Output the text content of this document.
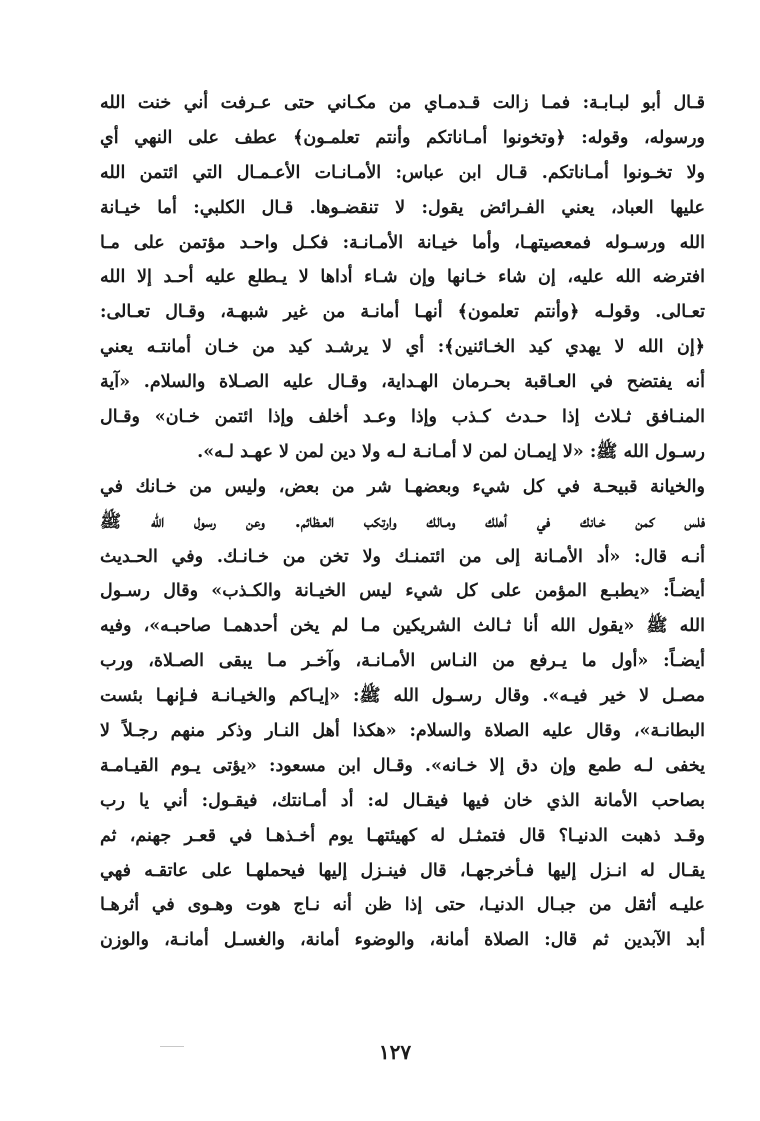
قـال أبو لبـابـة: فمـا زالت قـدمـاي من مكـاني حتى عـرفت أني خنت الله
ورسوله، وقوله: ﴿وتخونوا أمـاناتكم وأنتم تعلمـون﴾ عطف على النهي أي
ولا تخـونوا أمـاناتكم. قـال ابن عباس: الأمـانـات الأعـمـال التي ائتمن الله
عليها العباد، يعني الفـرائض يقول: لا تنقضـوها. قـال الكلبي: أما خيـانة
الله ورسـوله فمعصيتهـا، وأما خيـانة الأمـانـة: فكـل واحـد مؤتمن على مـا
افترضه الله عليه، إن شاء خـانها وإن شـاء أداها لا يـطلع عليه أحـد إلا الله
تعـالى. وقولـه ﴿وأنتم تعلمون﴾ أنهـا أمانـة من غير شبهـة، وقـال تعـالى:
﴿إن الله لا يهدي كيد الخـائنين﴾: أي لا يرشـد كيد من خـان أمانتـه يعني
أنه يفتضح في العـاقبة بحـرمان الهـداية، وقـال عليه الصـلاة والسلام. «آية
المنـافق ثـلاث إذا حـدث كـذب وإذا وعـد أخلف وإذا ائتمن خـان» وقـال
رسـول الله ﷺ: «لا إيمـان لمن لا أمـانـة لـه ولا دين لمن لا عهـد لـه».
والخيانة قبيحـة في كل شيء وبعضهـا شر من بعض، وليس من خـانك في
فلس كمن خـانك في أهلك ومـالك وارتكب العـظائم. وعن رسول الله ﷺ
أنـه قال: «أد الأمـانة إلى من ائتمنـك ولا تخن من خـانـك. وفي الحـديث
أيضـاً: «يطبـع المؤمن على كل شيء ليس الخيـانة والكـذب» وقال رسـول
الله ﷺ «يقول الله أنا ثـالث الشريكين مـا لم يخن أحدهمـا صاحبـه»، وفيه
أيضـاً: «أول ما يـرفع من النـاس الأمـانـة، وآخـر مـا يبقى الصـلاة، ورب
مصـل لا خير فيـه». وقال رسـول الله ﷺ: «إيـاكم والخيـانـة فـإنهـا بئست
البطانـة»، وقال عليه الصلاة والسلام: «هكذا أهل النـار وذكر منهم رجـلاً لا
يخفى لـه طمع وإن دق إلا خـانه». وقـال ابن مسعود: «يؤتى يـوم القيـامـة
بصاحب الأمانة الذي خان فيها فيقـال له: أد أمـانتك، فيقـول: أني يا رب
وقـد ذهبت الدنيـا؟ قال فتمثـل له كهيئتهـا يوم أخـذهـا في قعـر جهنم، ثم
يقـال له انـزل إليها فـأخرجهـا، قال فينـزل إليها فيحملهـا على عاتقـه فهي
عليـه أثقل من جبـال الدنيـا، حتى إذا ظن أنه نـاج هوت وهـوى في أثرهـا
أبد الآبدين ثم قال: الصلاة أمانة، والوضوء أمانة، والغسـل أمانـة، والوزن
١٢٧
